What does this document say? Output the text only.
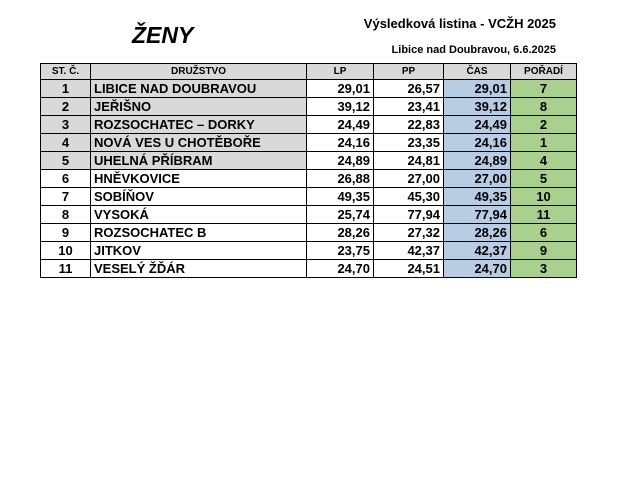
ŽENY	Výsledková listina - VCŽH 2025
Libice nad Doubravou, 6.6.2025
ST. Č.	DRUŽSTVO	LP	PP	ČAS	POŘADÍ
1	LIBICE NAD DOUBRAVOU	29,01	26,57	29,01	7
2	JEŘIŠNO	39,12	23,41	39,12	8
3	ROZSOCHATEC – DORKY	24,49	22,83	24,49	2
4	NOVÁ VES U CHOTĚBOŘE	24,16	23,35	24,16	1
5	UHELNÁ PŘÍBRAM	24,89	24,81	24,89	4
6	HNĚVKOVICE	26,88	27,00	27,00	5
7	SOBÍŇOV	49,35	45,30	49,35	10
8	VYSOKÁ	25,74	77,94	77,94	11
9	ROZSOCHATEC B	28,26	27,32	28,26	6
10	JITKOV	23,75	42,37	42,37	9
11	VESELÝ ŽĎÁR	24,70	24,51	24,70	3
